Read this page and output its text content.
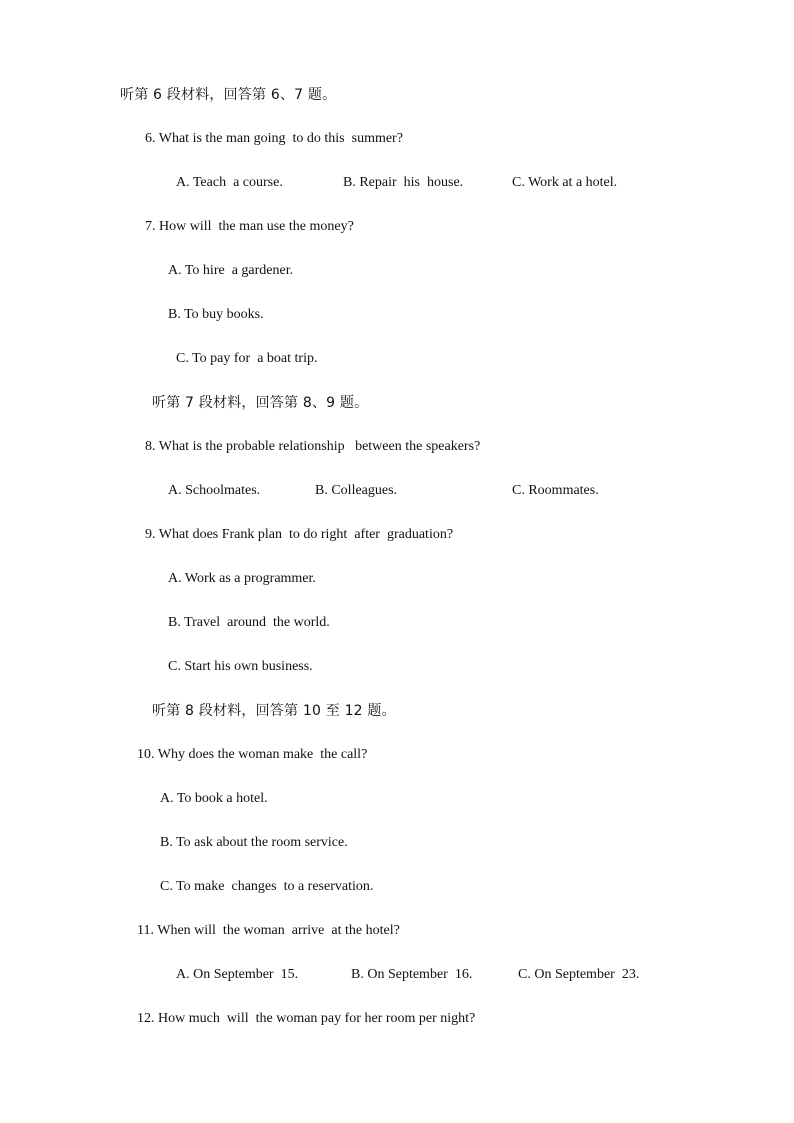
听第 6 段材料，回答第 6、7 题。
6. What is the man going  to do this  summer?
A. Teach  a course.	B. Repair  his  house.	C. Work at a hotel.
7. How will  the man use the money?
A. To hire  a gardener.
B. To buy books.
C. To pay for  a boat trip.
听第 7 段材料，回答第 8、9 题。
8. What is the probable relationship   between the speakers?
A. Schoolmates.	B. Colleagues.	C. Roommates.
9. What does Frank plan  to do right  after  graduation?
A. Work as a programmer.
B. Travel  around  the world.
C. Start his own business.
听第 8 段材料，回答第 10 至 12 题。
10. Why does the woman make  the call?
A. To book a hotel.
B. To ask about the room service.
C. To make  changes  to a reservation.
11. When will  the woman  arrive  at the hotel?
A. On September  15.	B. On September  16.	C. On September  23.
12. How much  will  the woman pay for her room per night?
